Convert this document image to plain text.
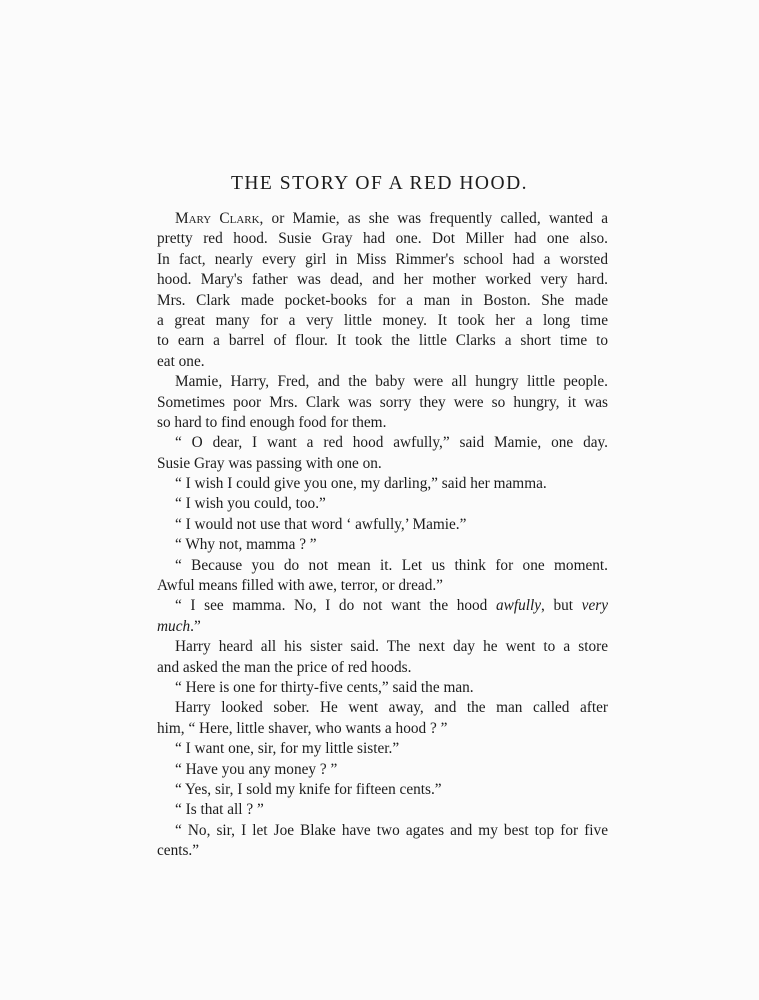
THE STORY OF A RED HOOD.
Mary Clark, or Mamie, as she was frequently called, wanted a
pretty red hood. Susie Gray had one. Dot Miller had one also.
In fact, nearly every girl in Miss Rimmer's school had a worsted
hood. Mary's father was dead, and her mother worked very hard.
Mrs. Clark made pocket-books for a man in Boston. She made
a great many for a very little money. It took her a long time
to earn a barrel of flour. It took the little Clarks a short time to
eat one.
Mamie, Harry, Fred, and the baby were all hungry little people.
Sometimes poor Mrs. Clark was sorry they were so hungry, it was
so hard to find enough food for them.
“ O dear, I want a red hood awfully,” said Mamie, one day.
Susie Gray was passing with one on.
“ I wish I could give you one, my darling,” said her mamma.
“ I wish you could, too.”
“ I would not use that word ‘ awfully,’ Mamie.”
“ Why not, mamma ? ”
“ Because you do not mean it. Let us think for one moment.
Awful means filled with awe, terror, or dread.”
“ I see mamma. No, I do not want the hood awfully, but very
much.”
Harry heard all his sister said. The next day he went to a store
and asked the man the price of red hoods.
“ Here is one for thirty-five cents,” said the man.
Harry looked sober. He went away, and the man called after
him, “ Here, little shaver, who wants a hood ? ”
“ I want one, sir, for my little sister.”
“ Have you any money ? ”
“ Yes, sir, I sold my knife for fifteen cents.”
“ Is that all ? ”
“ No, sir, I let Joe Blake have two agates and my best top for five
cents.”
